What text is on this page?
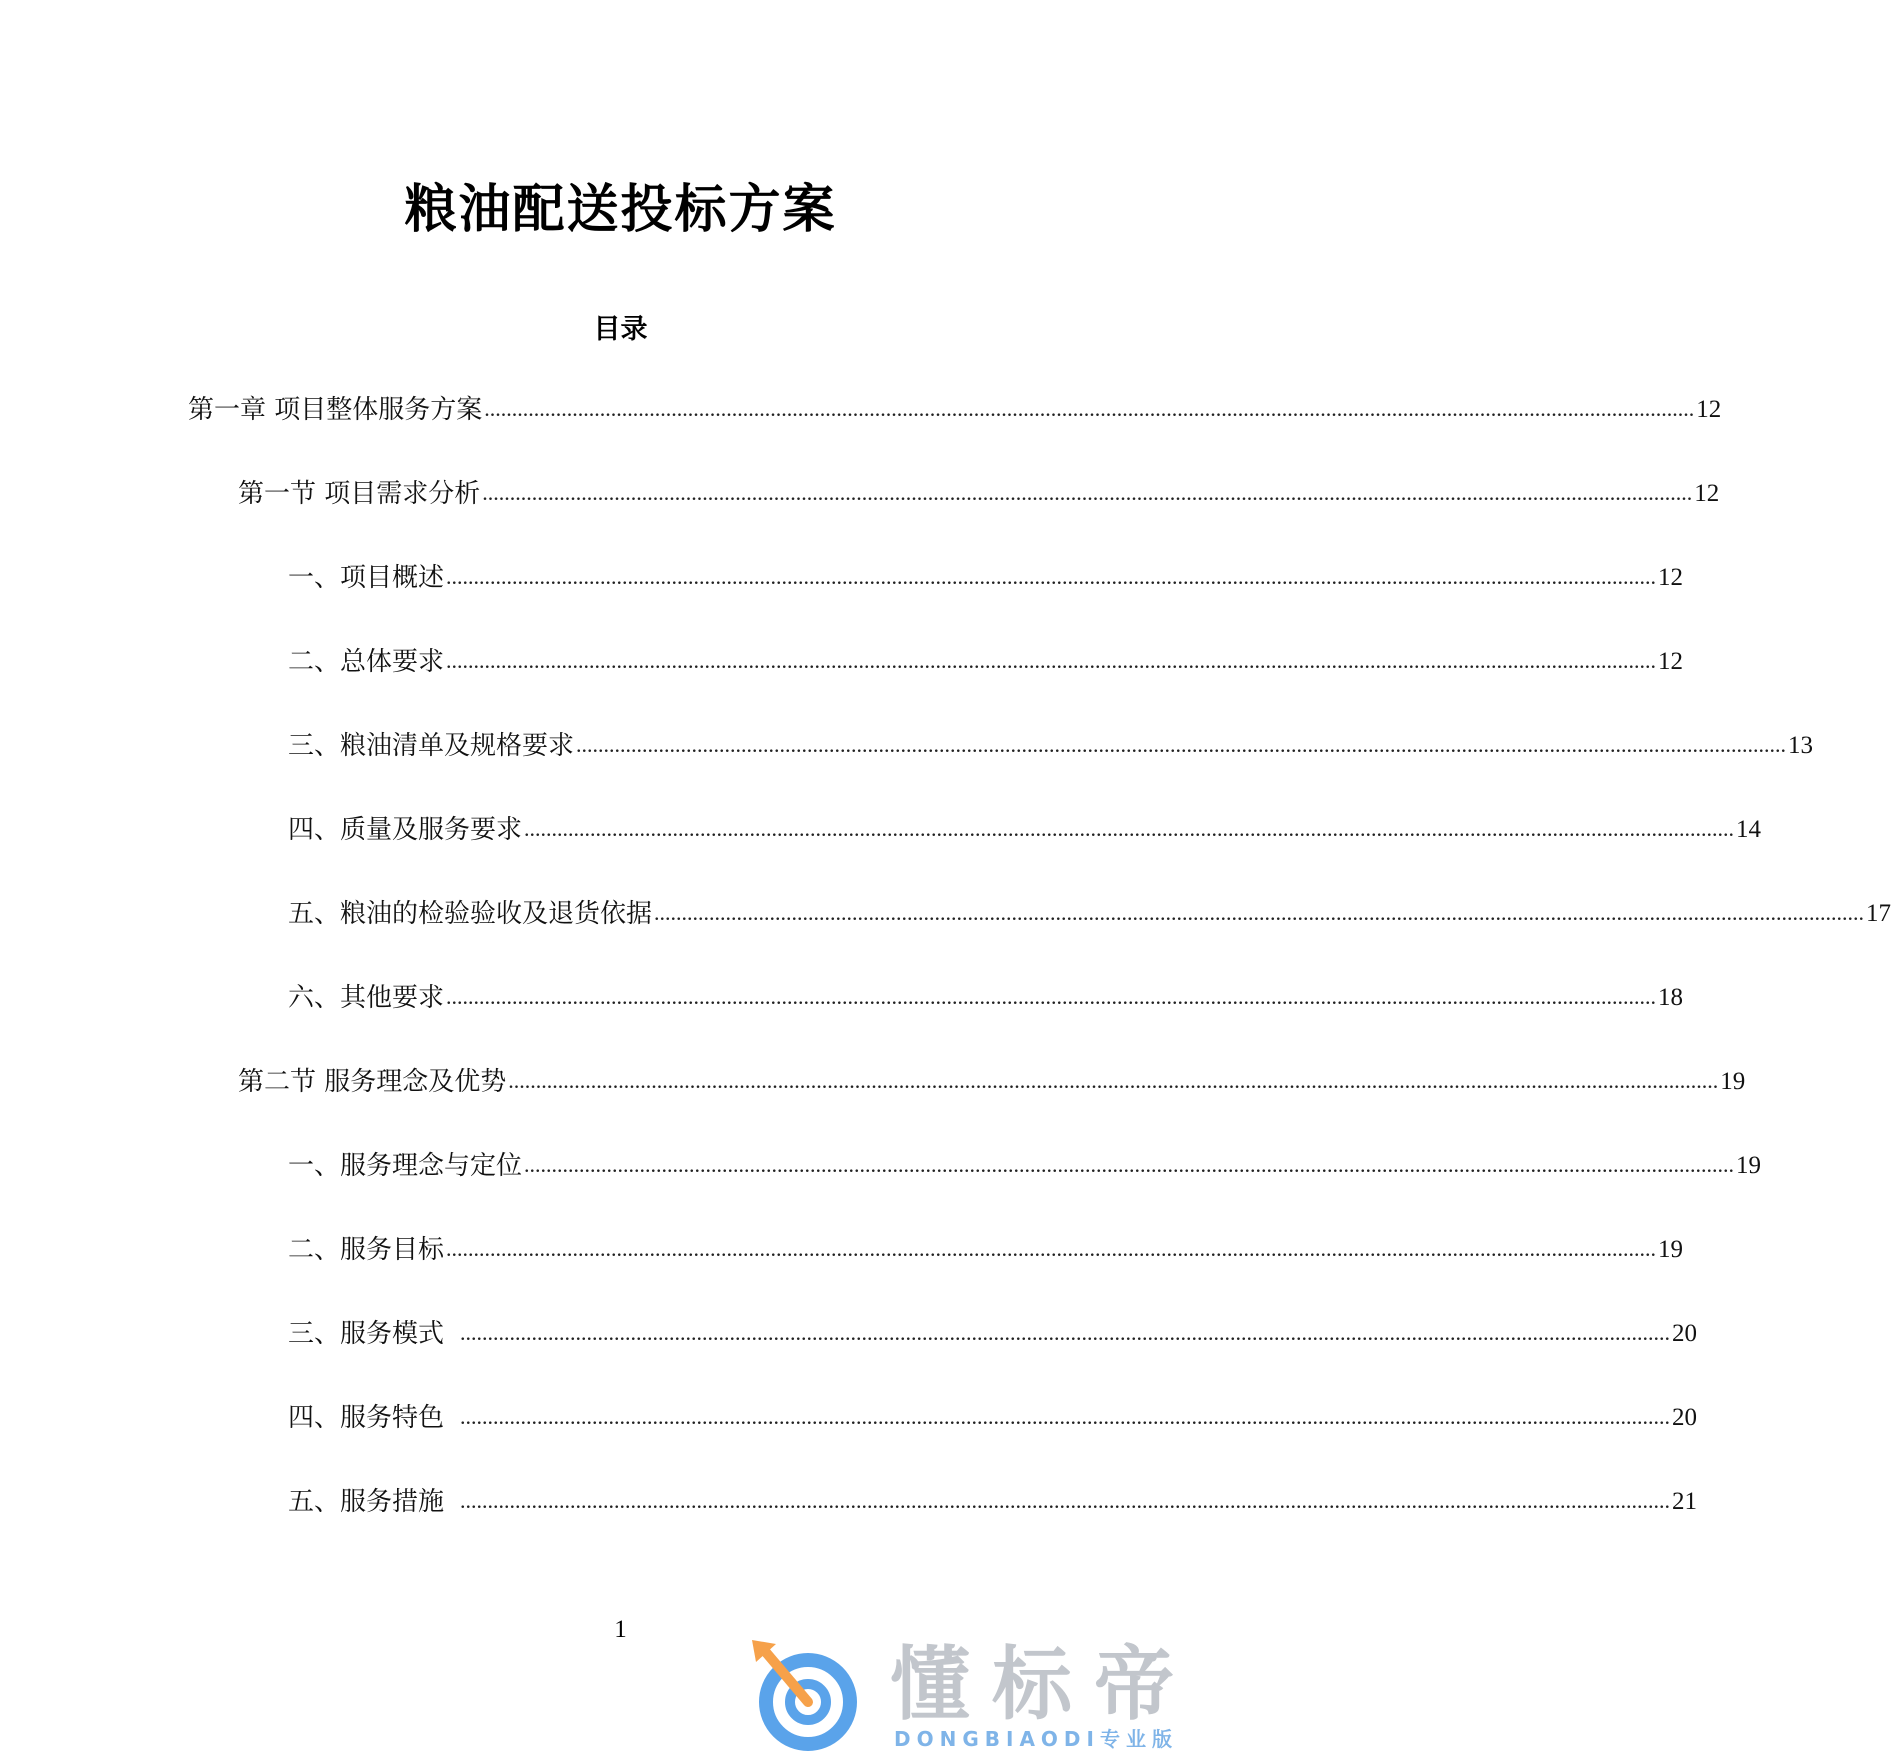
粮油配送投标方案
目录
第一章 项目整体服务方案 ............................................................................................................................................................................................................................ 12
第一节 项目需求分析 ............................................................................................................................................................................................................................ 12
一、项目概述 ............................................................................................................................................................................................................................ 12
二、总体要求 ............................................................................................................................................................................................................................ 12
三、粮油清单及规格要求 ............................................................................................................................................................................................................................ 13
四、质量及服务要求 ............................................................................................................................................................................................................................ 14
五、粮油的检验验收及退货依据 ............................................................................................................................................................................................................................ 17
六、其他要求 ............................................................................................................................................................................................................................ 18
第二节 服务理念及优势 ............................................................................................................................................................................................................................ 19
一、服务理念与定位 ............................................................................................................................................................................................................................ 19
二、服务目标 ............................................................................................................................................................................................................................ 19
三、服务模式 ............................................................................................................................................................................................................................ 20
四、服务特色 ............................................................................................................................................................................................................................ 20
五、服务措施 ............................................................................................................................................................................................................................ 21
1
懂标帝
DONGBIAODI专业版
